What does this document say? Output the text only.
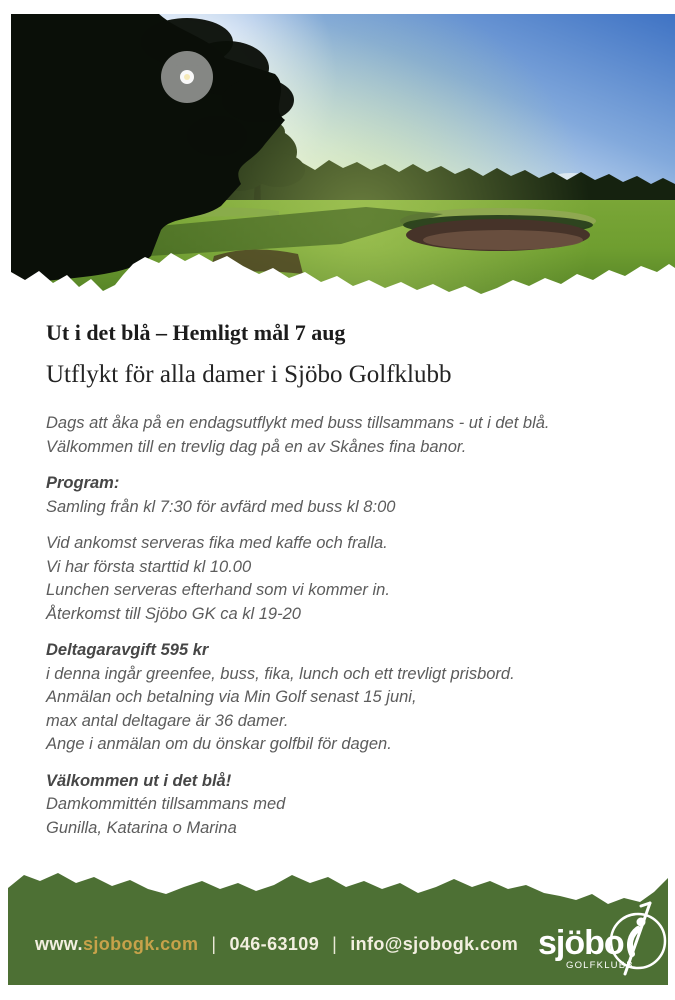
Ut i det blå – Hemligt mål 7 aug
Utflykt för alla damer i Sjöbo Golfklubb

Dags att åka på en endagsutflykt med buss tillsammans - ut i det blå.
Välkommen till en trevlig dag på en av Skånes fina banor.

Program:
Samling från kl 7:30 för avfärd med buss kl 8:00

Vid ankomst serveras fika med kaffe och fralla.
Vi har första starttid kl 10.00
Lunchen serveras efterhand som vi kommer in.
Återkomst till Sjöbo GK ca kl 19-20

Deltagaravgift 595 kr
i denna ingår greenfee, buss, fika, lunch och ett trevligt prisbord.
Anmälan och betalning via Min Golf senast 15 juni,
max antal deltagare är 36 damer.
Ange i anmälan om du önskar golfbil för dagen.

Välkommen ut i det blå!
Damkommittén tillsammans med
Gunilla, Katarina o Marina

www.sjobogk.com | 046-63109 | info@sjobogk.com sjöbo
GOLFKLUBB
